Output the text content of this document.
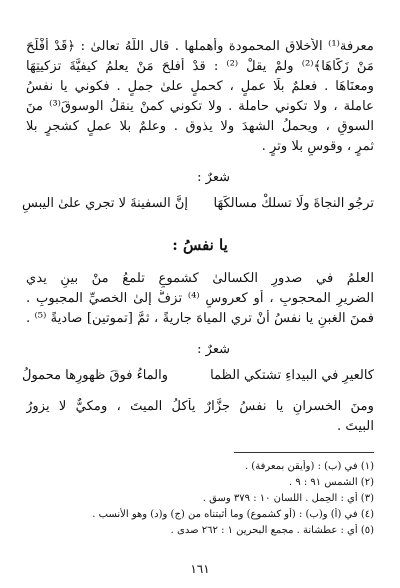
معرفة⁽¹⁾ الأخلاق المحمودة وأهملها . قال اللّهُ تعالىٰ : ﴿قَدْ أَفْلَحَ
مَنْ زَكَّاهَا﴾⁽²⁾ ولمْ يقلْ ⁽²⁾ : قدْ أفلحَ مَنْ يعلمُ كيفيَّةَ تزكيتِهَا
ومعنَاهَا . فعلمٌ بلَا عملٍ ، كحملٍ علىٰ جملٍ . فكوني يا نفسُ
عاملة ، ولا تكوني حاملة . ولا تكوني كمنْ ينقلُ الوسوقَ⁽³⁾ منَ
السوقِ ، ويحملُ الشهدَ ولا يذوق . وعلمٌ بلا عملٍ كشجرٍ بلا
ثمرٍ ، وقوسٍ بلا وترٍ .
شعرٌ :
ترجُو النجاةَ ولَا تسلكْ مسالكَهَا
إنَّ السفينةَ لا تجري علىٰ اليبسِ
يا نفسُ :
العلمُ في صدورِ الكسالىٰ كشموعٍ تلمعُ منْ بينِ يدي
الضريرِ المحجوبِ ، أو كعروسٍ ⁽⁴⁾ تزفُّ إلىٰ الخصيِّ المجبوبِ .
فمنَ الغبنِ يا نفسُ أنْ تري المياهَ جاريةً ، ثمَّ [تموتين] صاديةً ⁽⁵⁾ .
شعرٌ :
كالعيرِ في البيداءِ تشتكي الظما
والماءُ فوقَ ظهورِها محمولُ
ومنَ الخسرانِ يا نفسُ جزَّارٌ يأكلُ الميتَ ، ومكيٌّ لا يزورُ
البيتَ .
(١) في (ب) : (وأيقن بمعرفة) .
(٢) الشمس ٩١ : ٩ .
(٣) أي : الحِمل . اللسان ١٠ : ٣٧٩ وسق .
(٤) في (أ) و(ب) : (أو كشموع) وما أثبتناه من (ج) و(د) وهو الأنسب .
(٥) أي : عطشانة . مجمع البحرين ١ : ٢٦٢ صدى .
١٦١
